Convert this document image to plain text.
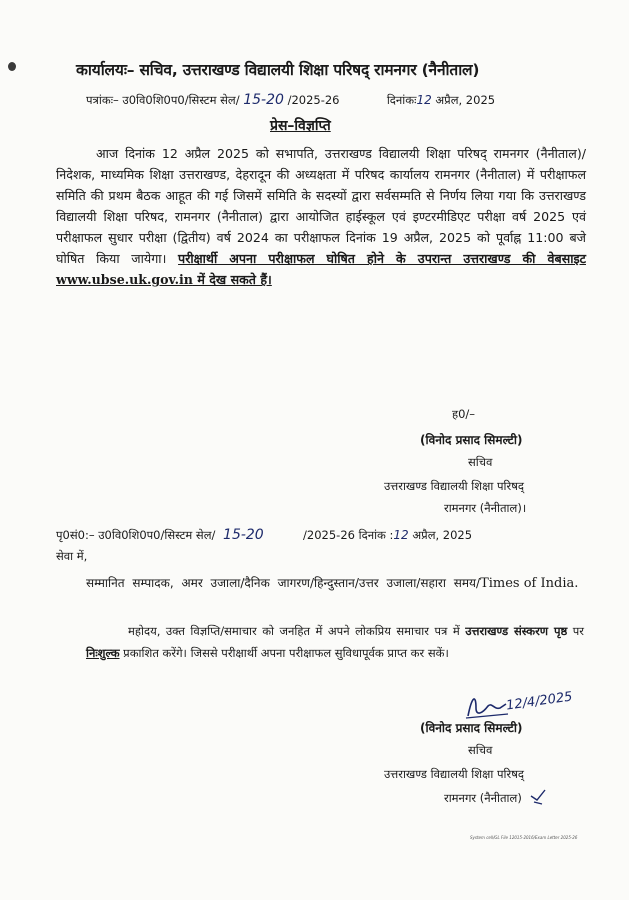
कार्यालयः– सचिव, उत्तराखण्ड विद्यालयी शिक्षा परिषद् रामनगर (नैनीताल)
पत्रांकः– उ0वि0शि0प0/सिस्टम सेल/ 15-20 /2025-26	दिनांकः12 अप्रैल, 2025
प्रेस–विज्ञप्ति
आज दिनांक 12 अप्रैल 2025 को सभापति, उत्तराखण्ड विद्यालयी शिक्षा परिषद् रामनगर (नैनीताल)/ निदेशक, माध्यमिक शिक्षा उत्तराखण्ड, देहरादून की अध्यक्षता में परिषद कार्यालय रामनगर (नैनीताल) में परीक्षाफल समिति की प्रथम बैठक आहूत की गई जिसमें समिति के सदस्यों द्वारा सर्वसम्मति से निर्णय लिया गया कि उत्तराखण्ड विद्यालयी शिक्षा परिषद, रामनगर (नैनीताल) द्वारा आयोजित हाईस्कूल एवं इण्टरमीडिएट परीक्षा वर्ष 2025 एवं परीक्षाफल सुधार परीक्षा (द्वितीय) वर्ष 2024 का परीक्षाफल दिनांक 19 अप्रैल, 2025 को पूर्वाह्न 11:00 बजे घोषित किया जायेगा। परीक्षार्थी अपना परीक्षाफल घोषित होने के उपरान्त उत्तराखण्ड की वेबसाइट www.ubse.uk.gov.in में देख सकते हैं।
ह0/–
(विनोद प्रसाद सिमल्टी)
सचिव
उत्तराखण्ड विद्यालयी शिक्षा परिषद्
रामनगर (नैनीताल)।
पृ0सं0:– उ0वि0शि0प0/सिस्टम सेल/ 15-20	/2025-26 दिनांक :12 अप्रैल, 2025
सेवा में,
सम्मानित सम्पादक, अमर उजाला/दैनिक जागरण/हिन्दुस्तान/उत्तर उजाला/सहारा समय/Times of India.
महोदय, उक्त विज्ञप्ति/समाचार को जनहित में अपने लोकप्रिय समाचार पत्र में उत्तराखण्ड संस्करण पृष्ठ पर निःशुल्क प्रकाशित करेंगे। जिससे परीक्षार्थी अपना परीक्षाफल सुविधापूर्वक प्राप्त कर सकें।
12/4/2025
(विनोद प्रसाद सिमल्टी)
सचिव
उत्तराखण्ड विद्यालयी शिक्षा परिषद्
रामनगर (नैनीताल)
System cell/GL File 12015-2016/Exam Letter 2025-26
